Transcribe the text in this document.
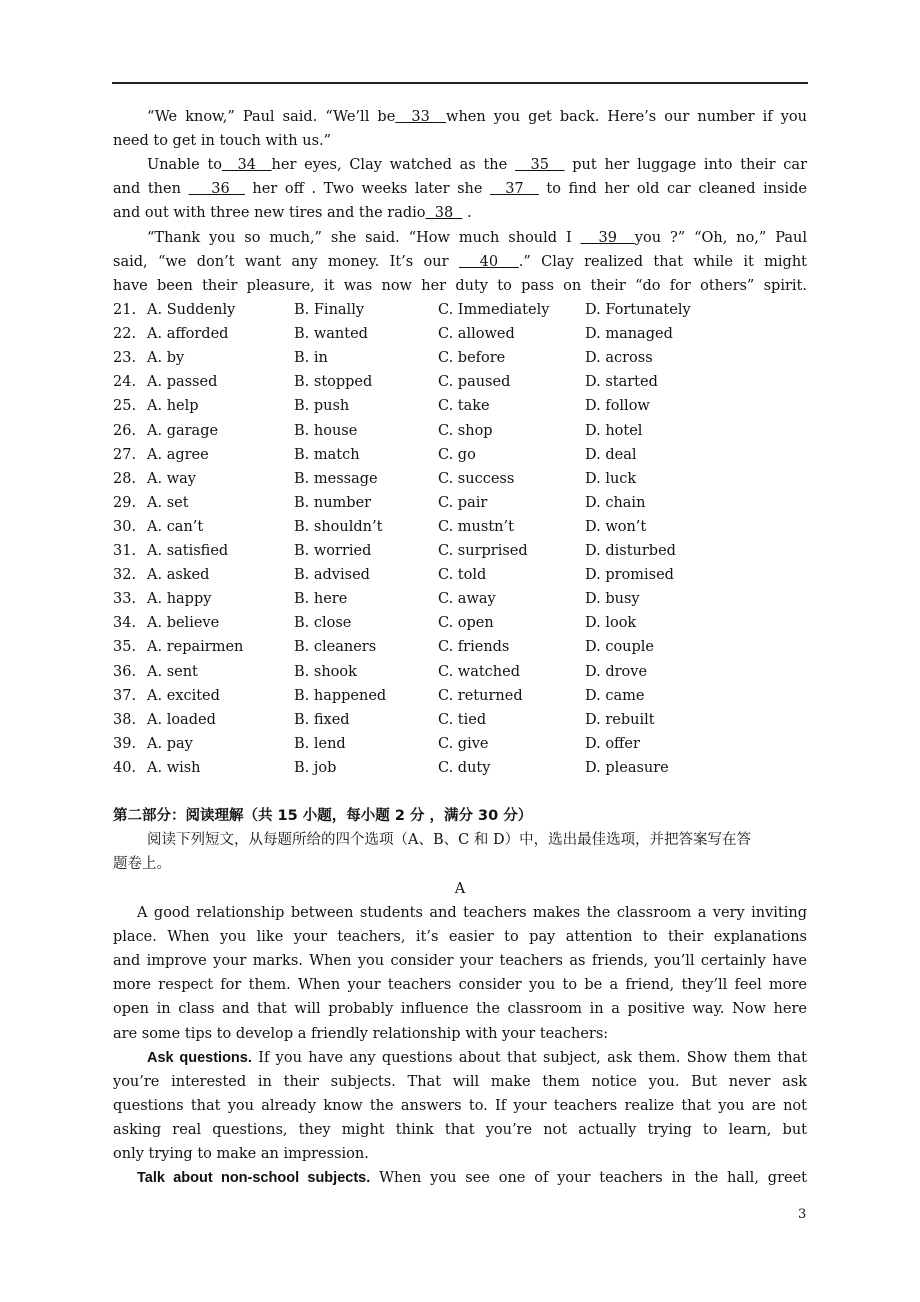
“We know,” Paul said. “We’ll be  33  when you get back. Here’s our number if you
need to get in touch with us.”
Unable to  34  her eyes, Clay watched as the   35   put her luggage into their car
and then    36   her off . Two weeks later she   37   to find her old car cleaned inside
and out with three new tires and the radio  38   .
“Thank you so much,” she said. “How much should I   39  you ?” “Oh, no,” Paul
said, “we don’t want any money. It’s our   40  .” Clay realized that while it might
have been their pleasure, it was now her duty to pass on their “do for others” spirit.
21. A. Suddenly	B. Finally	C. Immediately D. Fortunately
22. A. afforded	B. wanted	C. allowed	D. managed
23. A. by	B. in	C. before	D. across
24. A. passed	B. stopped	C. paused	D. started
25. A. help	B. push	C. take	D. follow
26. A. garage	B. house	C. shop	D. hotel
27. A. agree	B. match	C. go	D. deal
28. A. way	B. message	C. success	D. luck
29. A. set	B. number	C. pair	D. chain
30. A. can’t	B. shouldn’t	C. mustn’t	D. won’t
31. A. satisfied	B. worried	C. surprised	D. disturbed
32. A. asked	B. advised	C. told	D. promised
33. A. happy	B. here	C. away	D. busy
34. A. believe	B. close	C. open	D. look
35. A. repairmen	B. cleaners	C. friends	D. couple
36. A. sent	B. shook	C. watched	D. drove
37. A. excited	B. happened	C. returned	D. came
38. A. loaded	B. fixed	C. tied	D. rebuilt
39. A. pay	B. lend	C. give	D. offer
40. A. wish	B. job	C. duty	D. pleasure
第二部分：阅读理解（共 15 小题，每小题 2 分 ，满分 30 分）
阅读下列短文，从每题所给的四个选项（A、B、C 和 D）中，选出最佳选项，并把答案写在答
题卷上。
A
A good relationship between students and teachers makes the classroom a very inviting
place. When you like your teachers, it’s easier to pay attention to their explanations
and improve your marks. When you consider your teachers as friends, you’ll certainly have
more respect for them. When your teachers consider you to be a friend, they’ll feel more
open in class and that will probably influence the classroom in a positive way. Now here
are some tips to develop a friendly relationship with your teachers:
Ask questions. If you have any questions about that subject, ask them. Show them that
you’re interested in their subjects. That will make them notice you. But never ask
questions that you already know the answers to. If your teachers realize that you are not
asking real questions, they might think that you’re not actually trying to learn, but
only trying to make an impression.
Talk about non-school subjects. When you see one of your teachers in the hall, greet
3
